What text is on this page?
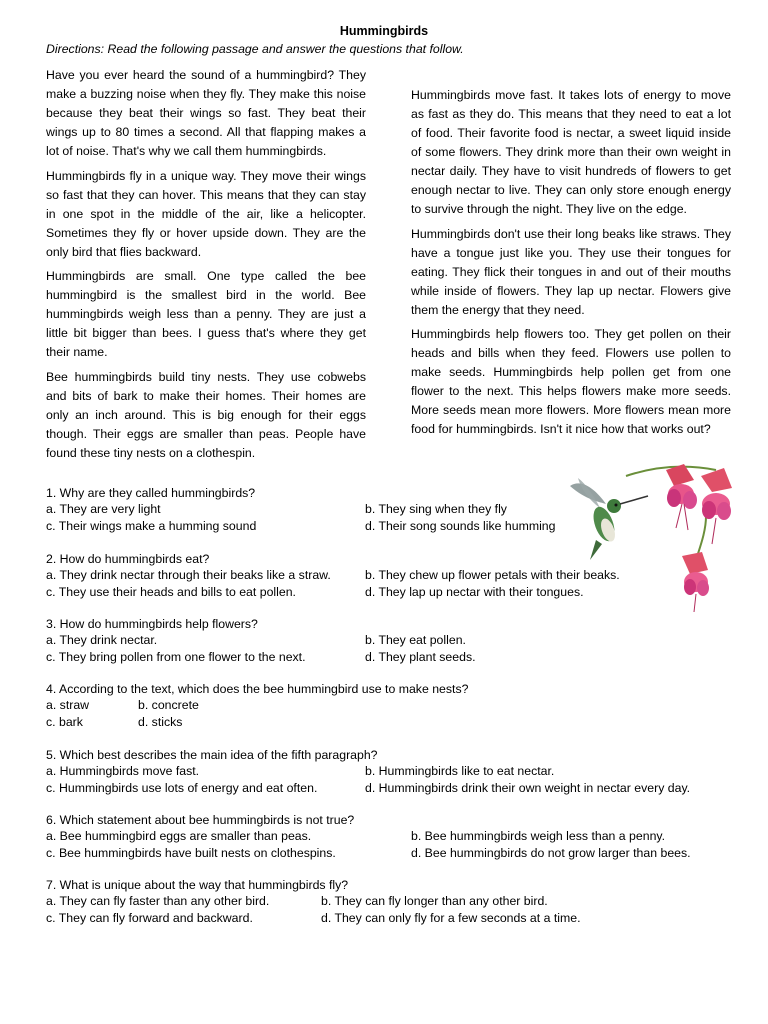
Hummingbirds
Directions: Read the following passage and answer the questions that follow.

Have you ever heard the sound of a hummingbird? They make a buzzing noise when they fly. They make this noise because they beat their wings so fast. They beat their wings up to 80 times a second. All that flapping makes a lot of noise. That's why we call them hummingbirds.

Hummingbirds fly in a unique way. They move their wings so fast that they can hover. This means that they can stay in one spot in the middle of the air, like a helicopter. Sometimes they fly or hover upside down. They are the only bird that flies backward.

Hummingbirds are small. One type called the bee hummingbird is the smallest bird in the world. Bee hummingbirds weigh less than a penny. They are just a little bit bigger than bees. I guess that's where they get their name.

Bee hummingbirds build tiny nests. They use cobwebs and bits of bark to make their homes. Their homes are only an inch around. This is big enough for their eggs though. Their eggs are smaller than peas. People have found these tiny nests on a clothespin.

Hummingbirds move fast. It takes lots of energy to move as fast as they do. This means that they need to eat a lot of food. Their favorite food is nectar, a sweet liquid inside of some flowers. They drink more than their own weight in nectar daily. They have to visit hundreds of flowers to get enough nectar to live. They can only store enough energy to survive through the night. They live on the edge.

Hummingbirds don't use their long beaks like straws. They have a tongue just like you. They use their tongues for eating. They flick their tongues in and out of their mouths while inside of flowers. They lap up nectar. Flowers give them the energy that they need.

Hummingbirds help flowers too. They get pollen on their heads and bills when they feed. Flowers use pollen to make seeds. Hummingbirds help pollen get from one flower to the next. This helps flowers make more seeds. More seeds mean more flowers. More flowers mean more food for hummingbirds. Isn't it nice how that works out?

1. Why are they called hummingbirds?
a. They are very light	b. They sing when they fly
c. Their wings make a humming sound	d. Their song sounds like humming
2. How do hummingbirds eat?
a. They drink nectar through their beaks like a straw.	b. They chew up flower petals with their beaks.
c. They use their heads and bills to eat pollen.	d. They lap up nectar with their tongues.
3. How do hummingbirds help flowers?
a. They drink nectar.	b. They eat pollen.
c. They bring pollen from one flower to the next.	d. They plant seeds.
4. According to the text, which does the bee hummingbird use to make nests?
a. straw	b. concrete
c. bark	d. sticks
5. Which best describes the main idea of the fifth paragraph?
a. Hummingbirds move fast.	b. Hummingbirds like to eat nectar.
c. Hummingbirds use lots of energy and eat often.	d. Hummingbirds drink their own weight in nectar every day.
6. Which statement about bee hummingbirds is not true?
a. Bee hummingbird eggs are smaller than peas.	b. Bee hummingbirds weigh less than a penny.
c. Bee hummingbirds have built nests on clothespins.	d. Bee hummingbirds do not grow larger than bees.
7. What is unique about the way that hummingbirds fly?
a. They can fly faster than any other bird.	b. They can fly longer than any other bird.
c. They can fly forward and backward.	d. They can only fly for a few seconds at a time.
